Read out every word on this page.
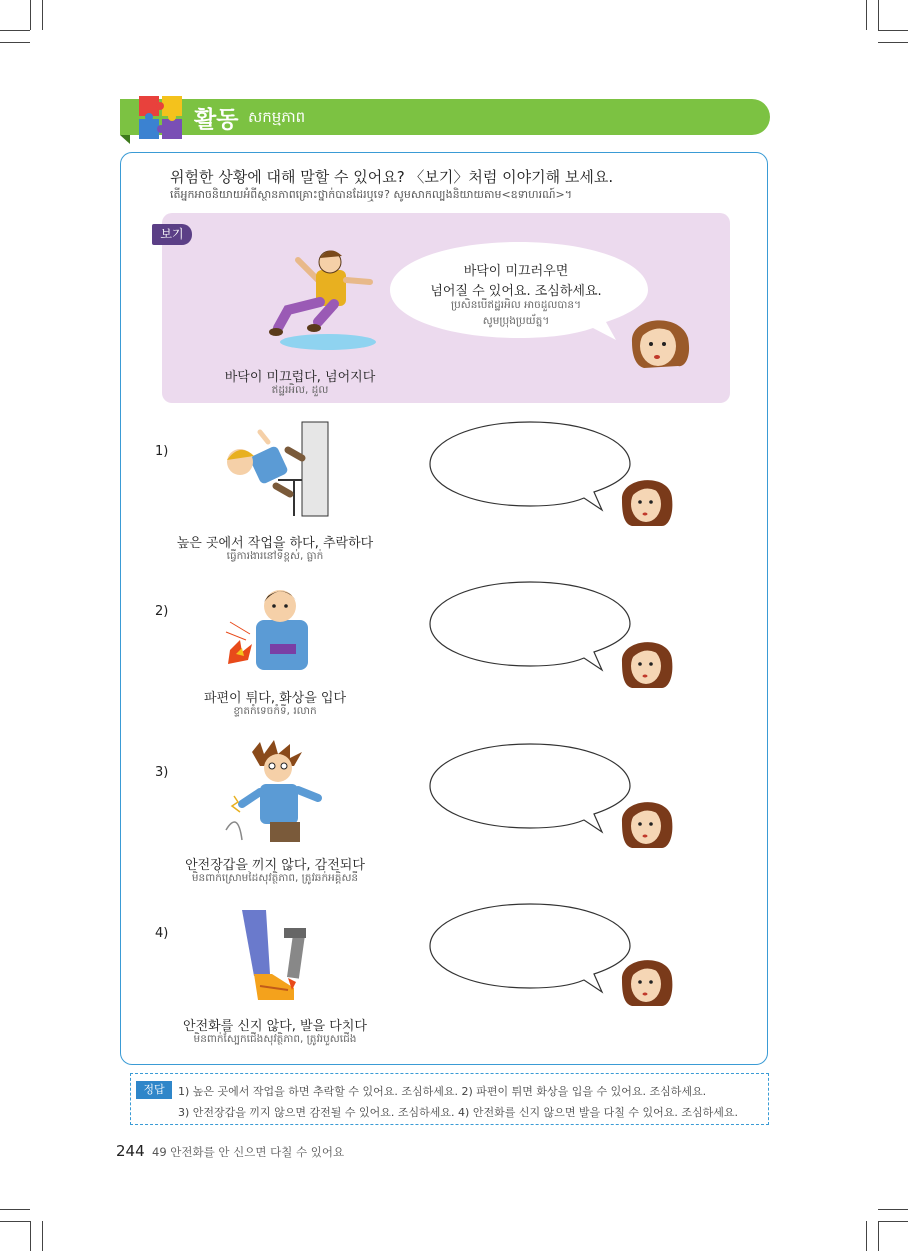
활동 សកម្មភាព
위험한 상황에 대해 말할 수 있어요? 〈보기〉처럼 이야기해 보세요.
តើអ្នកអាចនិយាយអំពីស្ថានភាពគ្រោះថ្នាក់បានដែរឬទេ? សូមសាកល្បងនិយាយតាម<ឧទាហរណ៍>។
보기
바닥이 미끄러우면
넘어질 수 있어요. 조심하세요.
ប្រសិនបើឥដ្ឋរអិល អាចដួលបាន។
សូមប្រុងប្រយ័ត្ន។
바닥이 미끄럽다, 넘어지다
ឥដ្ឋរអិល, ដួល
1)
높은 곳에서 작업을 하다, 추락하다
ធ្វើការងារនៅទីខ្ពស់, ធ្លាក់
2)
파편이 튀다, 화상을 입다
ខ្ទាតកំទេចកំទី, រលាក
3)
안전장갑을 끼지 않다, 감전되다
មិនពាក់ស្រោមដៃសុវត្ថិភាព, ត្រូវឆក់អគ្គិសនី
4)
안전화를 신지 않다, 발을 다치다
មិនពាក់ស្បែកជើងសុវត្ថិភាព, ត្រូវរបួសជើង
정답	1) 높은 곳에서 작업을 하면 추락할 수 있어요. 조심하세요. 2) 파편이 튀면 화상을 입을 수 있어요. 조심하세요.
3) 안전장갑을 끼지 않으면 감전될 수 있어요. 조심하세요. 4) 안전화를 신지 않으면 발을 다칠 수 있어요. 조심하세요.
244 49 안전화를 안 신으면 다칠 수 있어요
